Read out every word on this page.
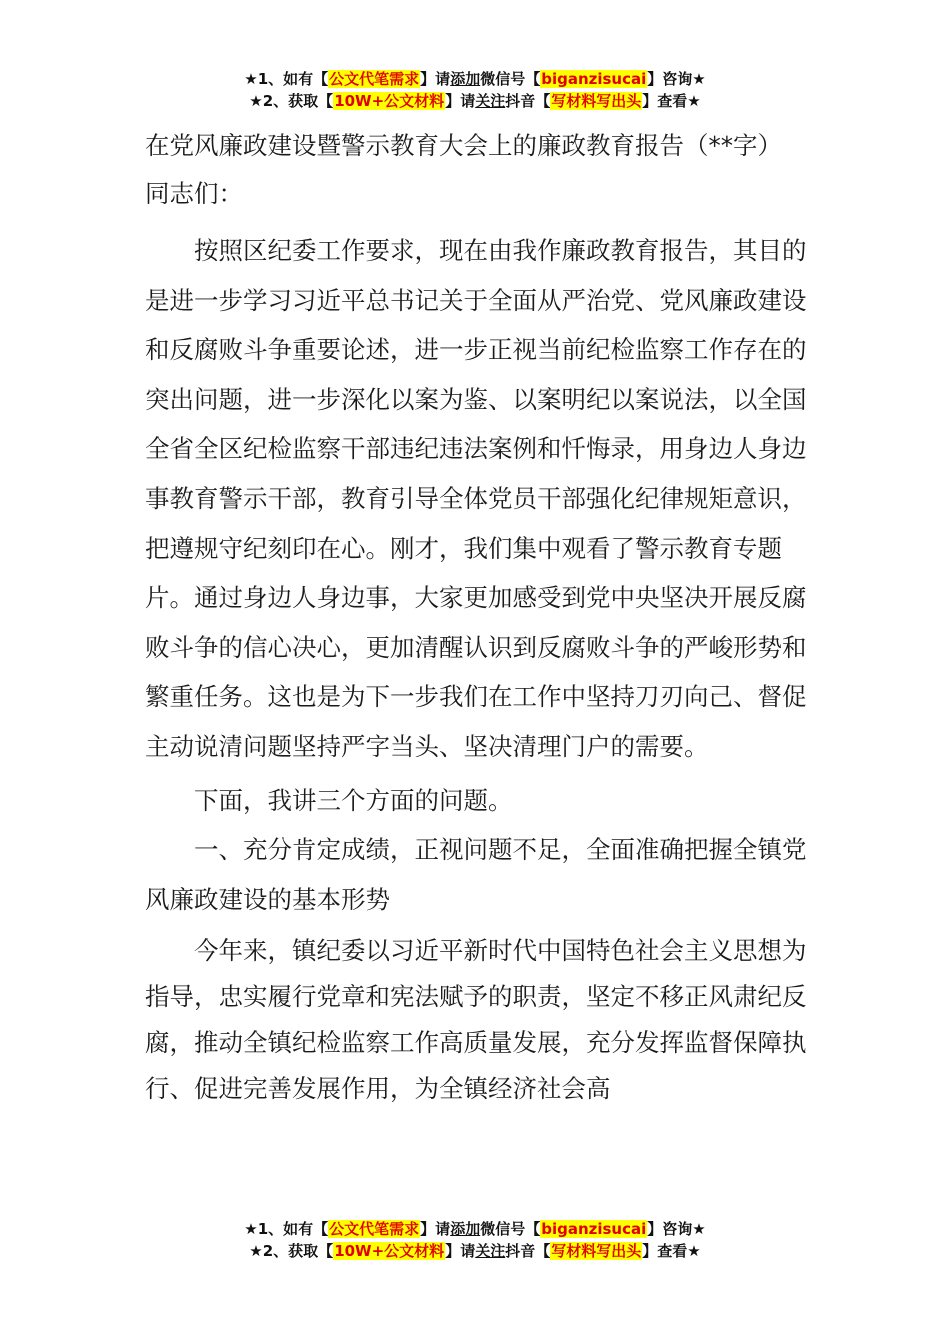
★1、如有【公文代笔需求】请添加微信号【biganzisucai】咨询★
★2、获取【10W+公文材料】请关注抖音【写材料写出头】查看★

在党风廉政建设暨警示教育大会上的廉政教育报告（**字）

同志们：

按照区纪委工作要求，现在由我作廉政教育报告，其目的是进一步学习习近平总书记关于全面从严治党、党风廉政建设和反腐败斗争重要论述，进一步正视当前纪检监察工作存在的突出问题，进一步深化以案为鉴、以案明纪以案说法，以全国全省全区纪检监察干部违纪违法案例和忏悔录，用身边人身边事教育警示干部，教育引导全体党员干部强化纪律规矩意识，把遵规守纪刻印在心。刚才，我们集中观看了警示教育专题片。通过身边人身边事，大家更加感受到党中央坚决开展反腐败斗争的信心决心，更加清醒认识到反腐败斗争的严峻形势和繁重任务。这也是为下一步我们在工作中坚持刀刃向己、督促主动说清问题坚持严字当头、坚决清理门户的需要。

下面，我讲三个方面的问题。

一、充分肯定成绩，正视问题不足，全面准确把握全镇党风廉政建设的基本形势

今年来，镇纪委以习近平新时代中国特色社会主义思想为指导，忠实履行党章和宪法赋予的职责，坚定不移正风肃纪反腐，推动全镇纪检监察工作高质量发展，充分发挥监督保障执行、促进完善发展作用，为全镇经济社会高

★1、如有【公文代笔需求】请添加微信号【biganzisucai】咨询★
★2、获取【10W+公文材料】请关注抖音【写材料写出头】查看★
